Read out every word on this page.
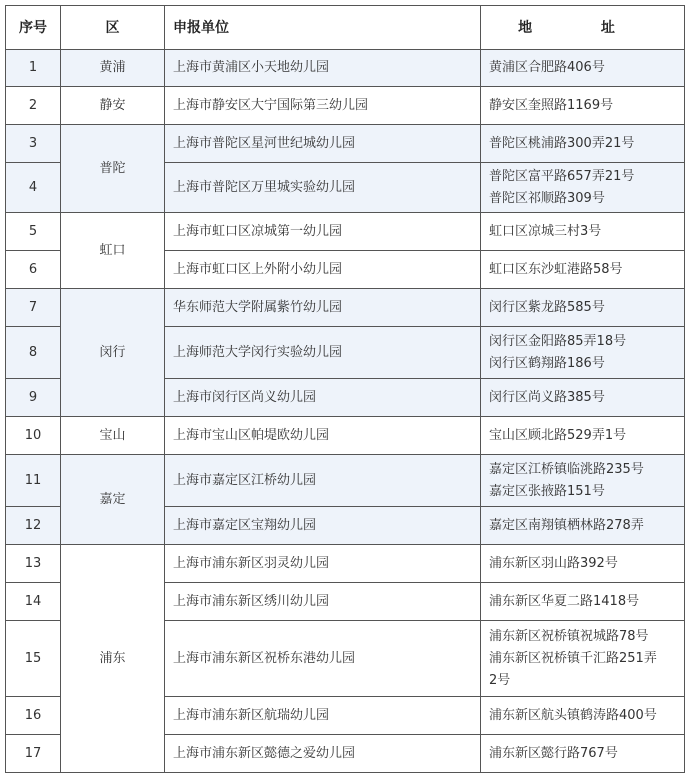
序号	区	申报单位	地 址
1	黄浦	上海市黄浦区小天地幼儿园	黄浦区合肥路406号

2	静安	上海市静安区大宁国际第三幼儿园	静安区奎照路1169号

3	普陀	上海市普陀区星河世纪城幼儿园	普陀区桃浦路300弄21号

4		上海市普陀区万里城实验幼儿园	普陀区富平路657弄21号
普陀区祁顺路309号

5	虹口	上海市虹口区凉城第一幼儿园	虹口区凉城三村3号

6		上海市虹口区上外附小幼儿园	虹口区东沙虹港路58号

7	闵行	华东师范大学附属紫竹幼儿园	闵行区紫龙路585号

8		上海师范大学闵行实验幼儿园	闵行区金阳路85弄18号
闵行区鹤翔路186号

9		上海市闵行区尚义幼儿园	闵行区尚义路385号

10	宝山	上海市宝山区帕堤欧幼儿园	宝山区顾北路529弄1号

11	嘉定	上海市嘉定区江桥幼儿园	嘉定区江桥镇临洮路235号
嘉定区张掖路151号

12		上海市嘉定区宝翔幼儿园	嘉定区南翔镇栖林路278弄

13	浦东	上海市浦东新区羽灵幼儿园	浦东新区羽山路392号

14		上海市浦东新区绣川幼儿园	浦东新区华夏二路1418号

15		上海市浦东新区祝桥东港幼儿园	浦东新区祝桥镇祝城路78号
浦东新区祝桥镇千汇路251弄
2号

16		上海市浦东新区航瑞幼儿园	浦东新区航头镇鹤涛路400号

17		上海市浦东新区懿德之爱幼儿园	浦东新区懿行路767号
